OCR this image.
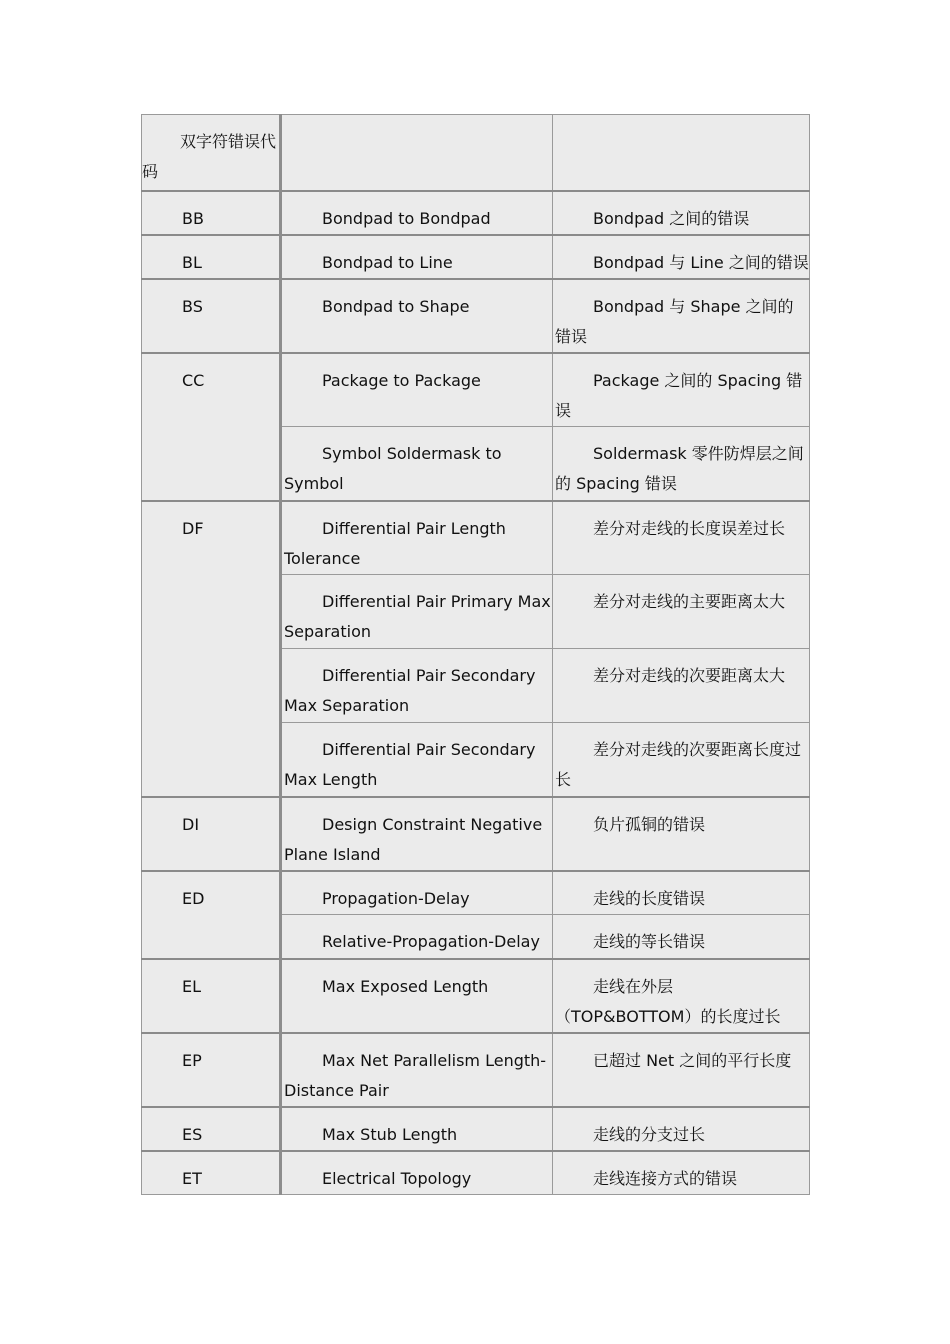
双字符错误代码		

BB	Bondpad to Bondpad	Bondpad 之间的错误

BL	Bondpad to Line	Bondpad 与 Line 之间的错误

BS	Bondpad to Shape	Bondpad 与 Shape 之间的错误

CC	Package to Package	Package 之间的 Spacing 错误

	Symbol Soldermask to Symbol	Soldermask 零件防焊层之间的 Spacing 错误

DF	Differential Pair Length Tolerance	差分对走线的长度误差过长

	Differential Pair Primary Max Separation	差分对走线的主要距离太大

	Differential Pair Secondary Max Separation	差分对走线的次要距离太大

	Differential Pair Secondary Max Length	差分对走线的次要距离长度过长

DI	Design Constraint Negative Plane Island	负片孤铜的错误

ED	Propagation-Delay	走线的长度错误

	Relative-Propagation-Delay	走线的等长错误

EL	Max Exposed Length	走线在外层（TOP&BOTTOM）的长度过长

EP	Max Net Parallelism Length-Distance Pair	已超过 Net 之间的平行长度

ES	Max Stub Length	走线的分支过长

ET	Electrical Topology	走线连接方式的错误
